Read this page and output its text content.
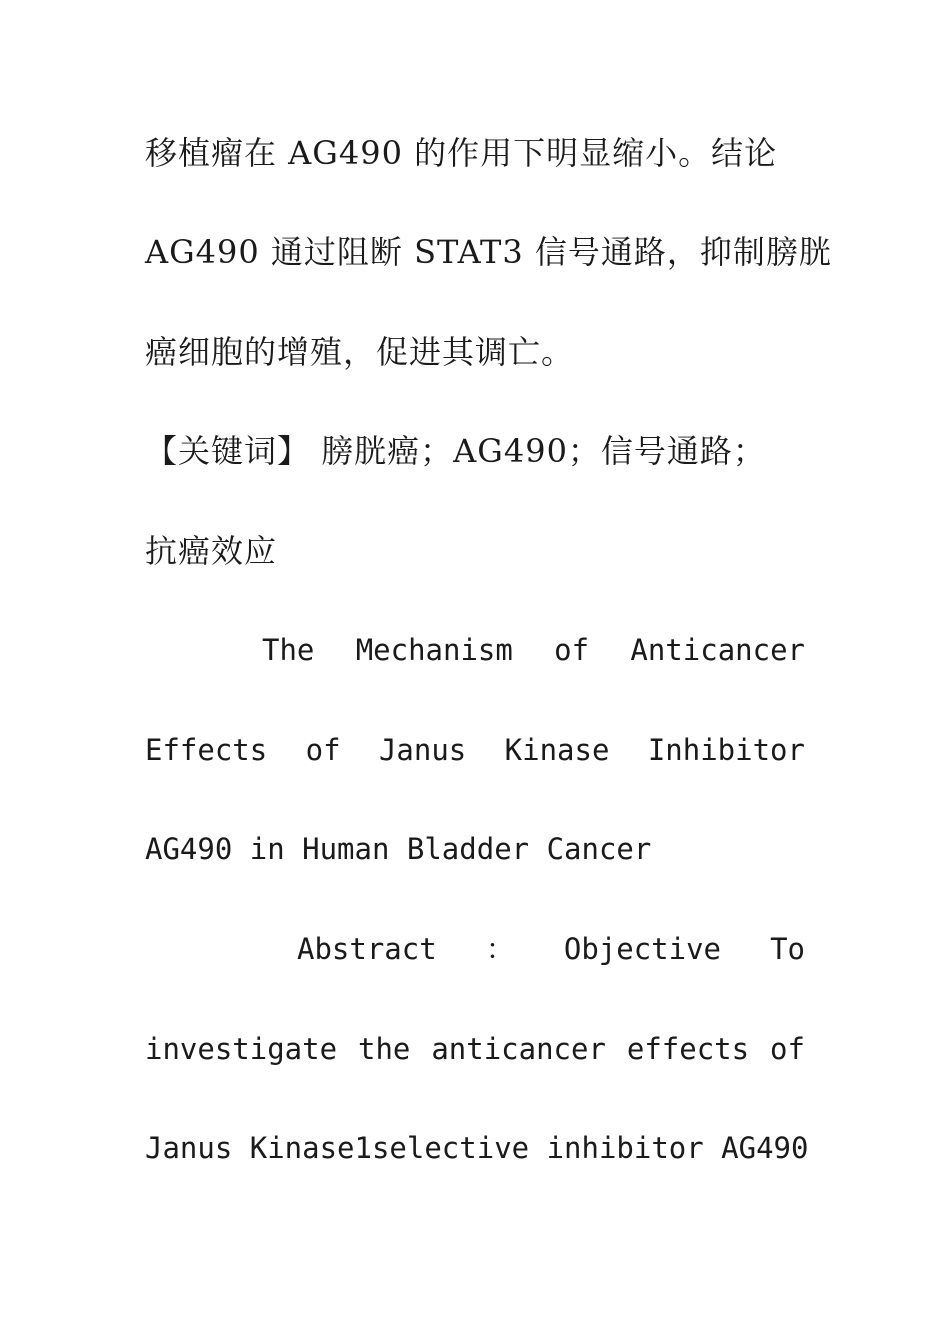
移植瘤在 AG490 的作用下明显缩小。结论
AG490 通过阻断 STAT3 信号通路，抑制膀胱
癌细胞的增殖，促进其调亡。
【关键词】 膀胱癌；AG490；信号通路；
抗癌效应
The Mechanism of Anticancer
Effects of Janus Kinase Inhibitor
AG490 in Human Bladder Cancer
Abstract ： Objective To
investigate the anticancer effects of
Janus Kinase1selective inhibitor AG490
